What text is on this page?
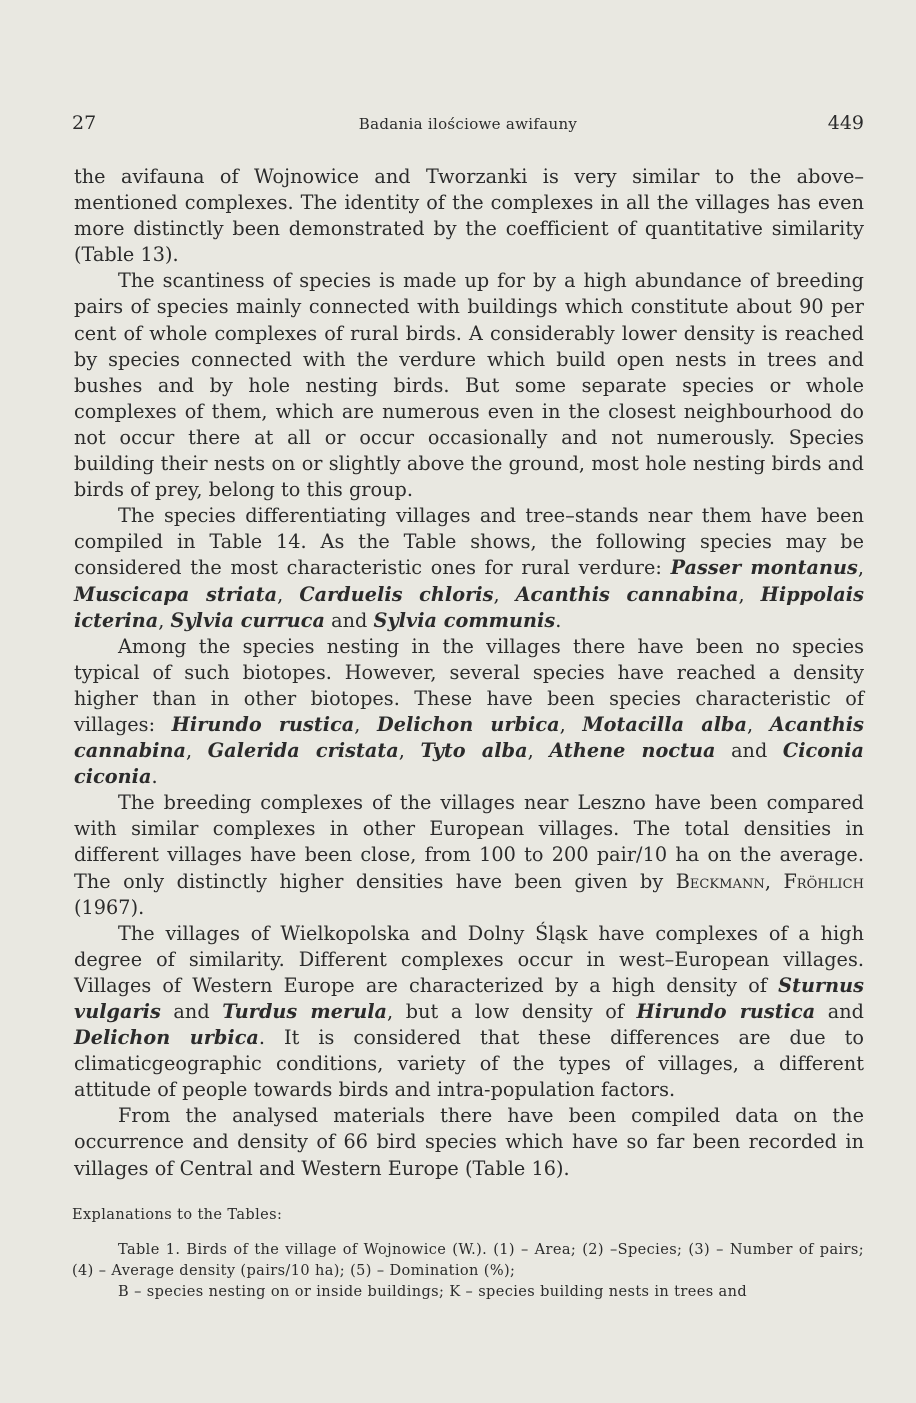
27	Badania ilościowe awifauny	449

the avifauna of Wojnowice and Tworzanki is very similar to the above–mentioned complexes. The identity of the complexes in all the villages has even more distinctly been demonstrated by the coefficient of quantitative similarity (Table 13).

The scantiness of species is made up for by a high abundance of breeding pairs of species mainly connected with buildings which constitute about 90 per cent of whole complexes of rural birds. A considerably lower density is reached by species connected with the verdure which build open nests in trees and bushes and by hole nesting birds. But some separate species or whole complexes of them, which are numerous even in the closest neighbourhood do not occur there at all or occur occasionally and not numerously. Species building their nests on or slightly above the ground, most hole nesting birds and birds of prey, belong to this group.

The species differentiating villages and tree–stands near them have been compiled in Table 14. As the Table shows, the following species may be considered the most characteristic ones for rural verdure: Passer montanus, Muscicapa striata, Carduelis chloris, Acanthis cannabina, Hippolais icterina, Sylvia curruca and Sylvia communis.

Among the species nesting in the villages there have been no species typical of such biotopes. However, several species have reached a density higher than in other biotopes. These have been species characteristic of villages: Hirundo rustica, Delichon urbica, Motacilla alba, Acanthis cannabina, Galerida cristata, Tyto alba, Athene noctua and Ciconia ciconia.

The breeding complexes of the villages near Leszno have been compared with similar complexes in other European villages. The total densities in different villages have been close, from 100 to 200 pair/10 ha on the average. The only distinctly higher densities have been given by Beckmann, Fröhlich (1967).

The villages of Wielkopolska and Dolny Śląsk have complexes of a high degree of similarity. Different complexes occur in west–European villages. Villages of Western Europe are characterized by a high density of Sturnus vulgaris and Turdus merula, but a low density of Hirundo rustica and Delichon urbica. It is considered that these differences are due to climaticgeographic conditions, variety of the types of villages, a different attitude of people towards birds and intra-population factors.

From the analysed materials there have been compiled data on the occurrence and density of 66 bird species which have so far been recorded in villages of Central and Western Europe (Table 16).

Explanations to the Tables:

Table 1. Birds of the village of Wojnowice (W.). (1) – Area; (2) –Species; (3) – Number of pairs; (4) – Average density (pairs/10 ha); (5) – Domination (%);

B – species nesting on or inside buildings; K – species building nests in trees and
